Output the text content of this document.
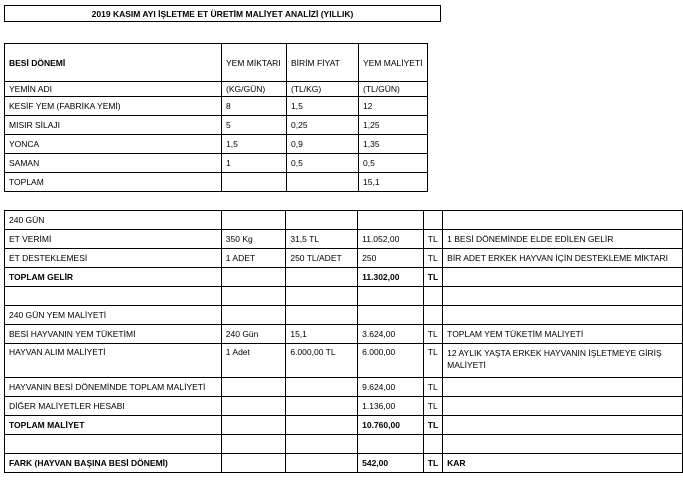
2019 KASIM AYI İŞLETME ET ÜRETİM MALİYET ANALİZİ (YILLIK)
BESİ DÖNEMİ	YEM MİKTARI	BİRİM FİYAT	YEM MALİYETİ
YEMİN ADI	(KG/GÜN)	(TL/KG)	(TL/GÜN)
KESİF YEM (FABRİKA YEMİ)	8	1,5	12
MISIR SİLAJI	5	0,25	1,25
YONCA	1,5	0,9	1,35
SAMAN	1	0,5	0,5
TOPLAM			15,1
240 GÜN					
ET VERİMİ	350 Kg	31,5 TL	11.052,00	TL	1 BESİ DÖNEMİNDE ELDE EDİLEN GELİR
ET DESTEKLEMESİ	1 ADET	250 TL/ADET	250	TL	BİR ADET ERKEK HAYVAN İÇİN DESTEKLEME MİKTARI
TOPLAM GELİR			11.302,00	TL	

240 GÜN YEM MALİYETİ					
BESİ HAYVANIN YEM TÜKETİMİ	240 Gün	15,1	3.624,00	TL	TOPLAM YEM TÜKETİM MALİYETİ
HAYVAN ALIM MALİYETİ	1 Adet	6.000,00 TL	6.000,00	TL	12 AYLIK YAŞTA ERKEK HAYVANIN İŞLETMEYE GİRİŞ MALİYETİ
HAYVANIN BESİ DÖNEMİNDE TOPLAM MALİYETİ			9.624,00	TL	
DİĞER MALİYETLER HESABI			1.136,00	TL	
TOPLAM MALİYET			10.760,00	TL	

FARK (HAYVAN BAŞINA BESİ DÖNEMİ)			542,00	TL	KAR
